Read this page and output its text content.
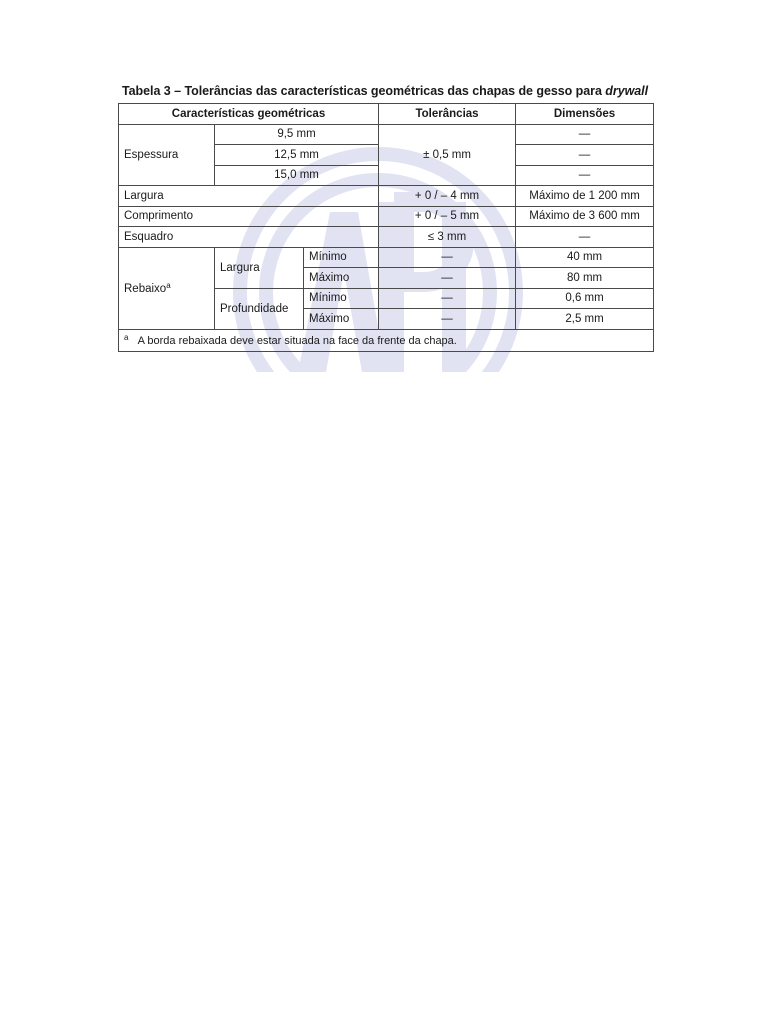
Tabela 3 – Tolerâncias das características geométricas das chapas de gesso para drywall
Características geométricas			Tolerâncias	Dimensões
Espessura	9,5 mm		± 0,5 mm	—
	12,5 mm			—
	15,0 mm			—
Largura			+ 0 / – 4 mm	Máximo de 1 200 mm
Comprimento			+ 0 / – 5 mm	Máximo de 3 600 mm
Esquadro			≤ 3 mm	—
Rebaixo$^a$	Largura	Mínimo	—	40 mm
		Máximo	—	80 mm
	Profundidade	Mínimo	—	0,6 mm
		Máximo	—	2,5 mm
$^a$ A borda rebaixada deve estar situada na face da frente da chapa.				
